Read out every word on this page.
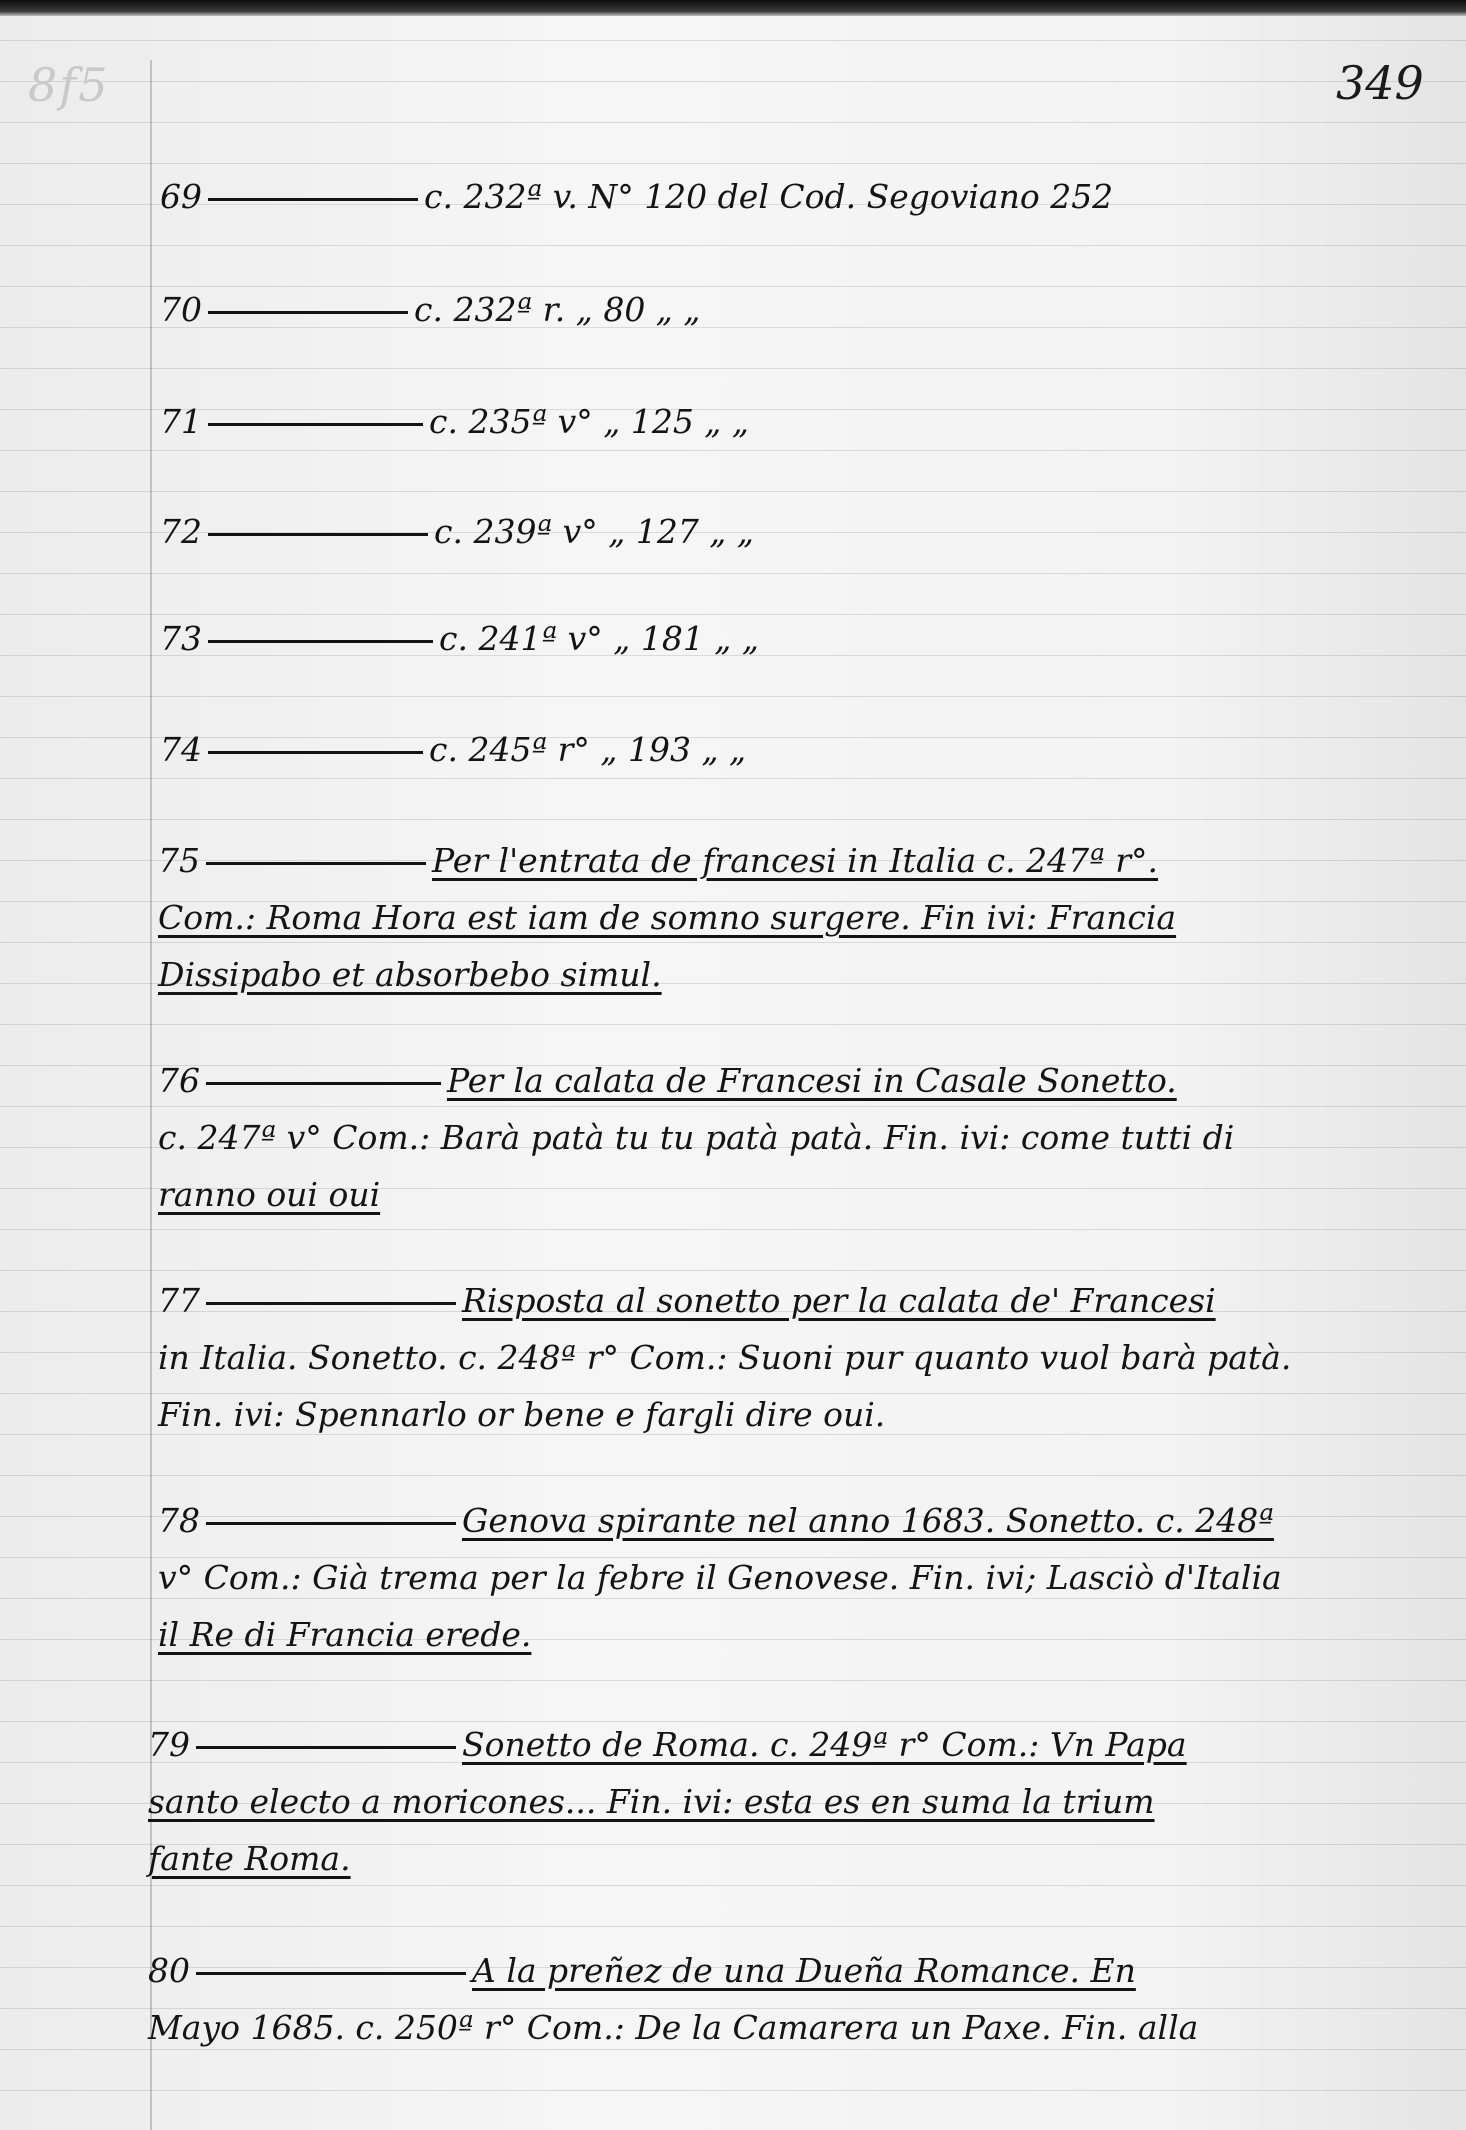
8f5	349
69	c. 232ª v. N° 120 del Cod. Segoviano 252
70	c. 232ª r. „ 80 „ „
71	c. 235ª v° „ 125 „ „
72	c. 239ª v° „ 127 „ „
73	c. 241ª v° „ 181 „ „
74	c. 245ª r° „ 193 „ „
75	Per l'entrata de francesi in Italia c. 247ª r°.
Com.: Roma Hora est iam de somno surgere. Fin ivi: Francia
Dissipabo et absorbebo simul.
76	Per la calata de Francesi in Casale Sonetto.
c. 247ª v° Com.: Barà patà tu tu patà patà. Fin. ivi: come tutti di
ranno oui oui
77	Risposta al sonetto per la calata de' Francesi
in Italia. Sonetto. c. 248ª r° Com.: Suoni pur quanto vuol barà patà.
Fin. ivi: Spennarlo or bene e fargli dire oui.
78	Genova spirante nel anno 1683. Sonetto. c. 248ª
v° Com.: Già trema per la febre il Genovese. Fin. ivi; Lasciò d'Italia
il Re di Francia erede.
79	Sonetto de Roma. c. 249ª r° Com.: Vn Papa
santo electo a moricones... Fin. ivi: esta es en suma la trium
fante Roma.
80	A la preñez de una Dueña Romance. En
Mayo 1685. c. 250ª r° Com.: De la Camarera un Paxe. Fin. alla
